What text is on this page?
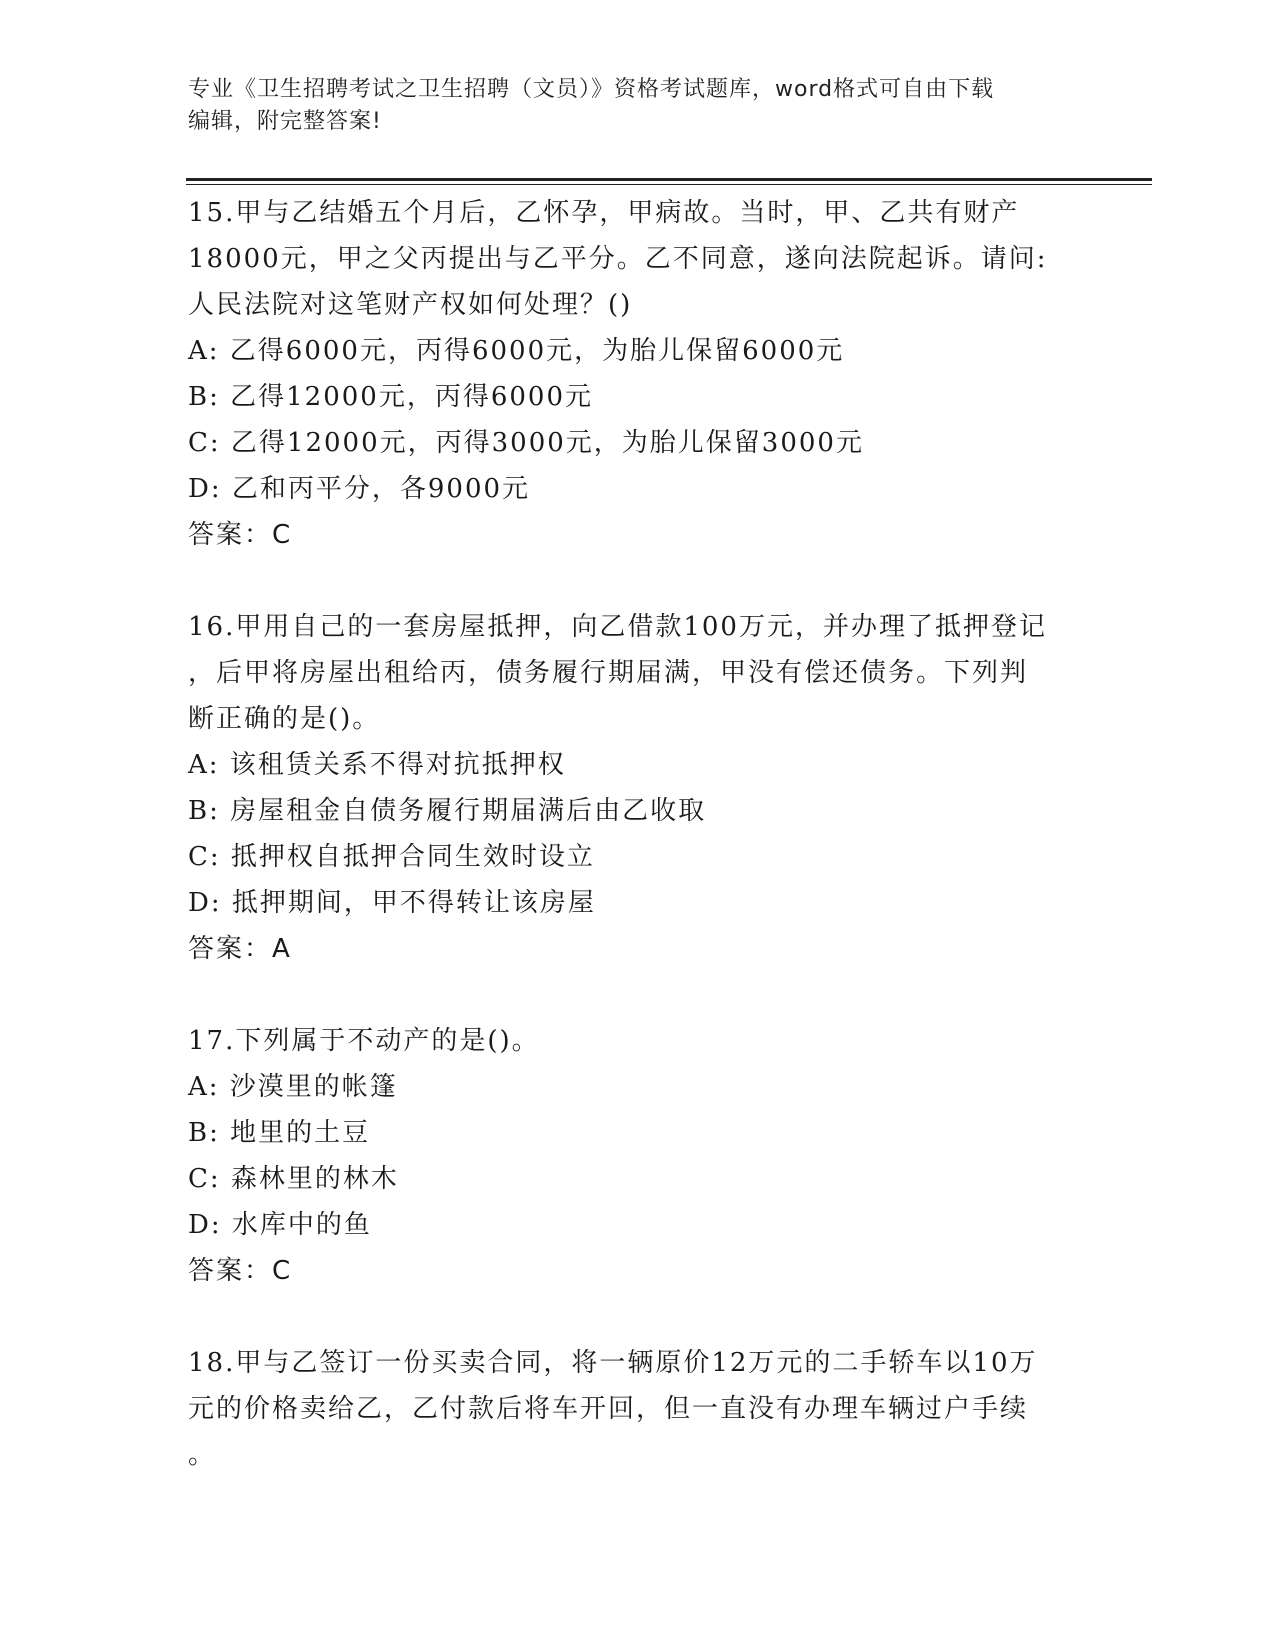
专业《卫生招聘考试之卫生招聘（文员）》资格考试题库，word格式可自由下载
编辑，附完整答案!
15.甲与乙结婚五个月后，乙怀孕，甲病故。当时，甲、乙共有财产
18000元，甲之父丙提出与乙平分。乙不同意，遂向法院起诉。请问:
人民法院对这笔财产权如何处理？()
A: 乙得6000元，丙得6000元，为胎儿保留6000元
B: 乙得12000元，丙得6000元
C: 乙得12000元，丙得3000元，为胎儿保留3000元
D: 乙和丙平分，各9000元
答案：C
16.甲用自己的一套房屋抵押，向乙借款100万元，并办理了抵押登记
，后甲将房屋出租给丙，债务履行期届满，甲没有偿还债务。下列判
断正确的是()。
A: 该租赁关系不得对抗抵押权
B: 房屋租金自债务履行期届满后由乙收取
C: 抵押权自抵押合同生效时设立
D: 抵押期间，甲不得转让该房屋
答案：A
17.下列属于不动产的是()。
A: 沙漠里的帐篷
B: 地里的土豆
C: 森林里的林木
D: 水库中的鱼
答案：C
18.甲与乙签订一份买卖合同，将一辆原价12万元的二手轿车以10万
元的价格卖给乙，乙付款后将车开回，但一直没有办理车辆过户手续
。
